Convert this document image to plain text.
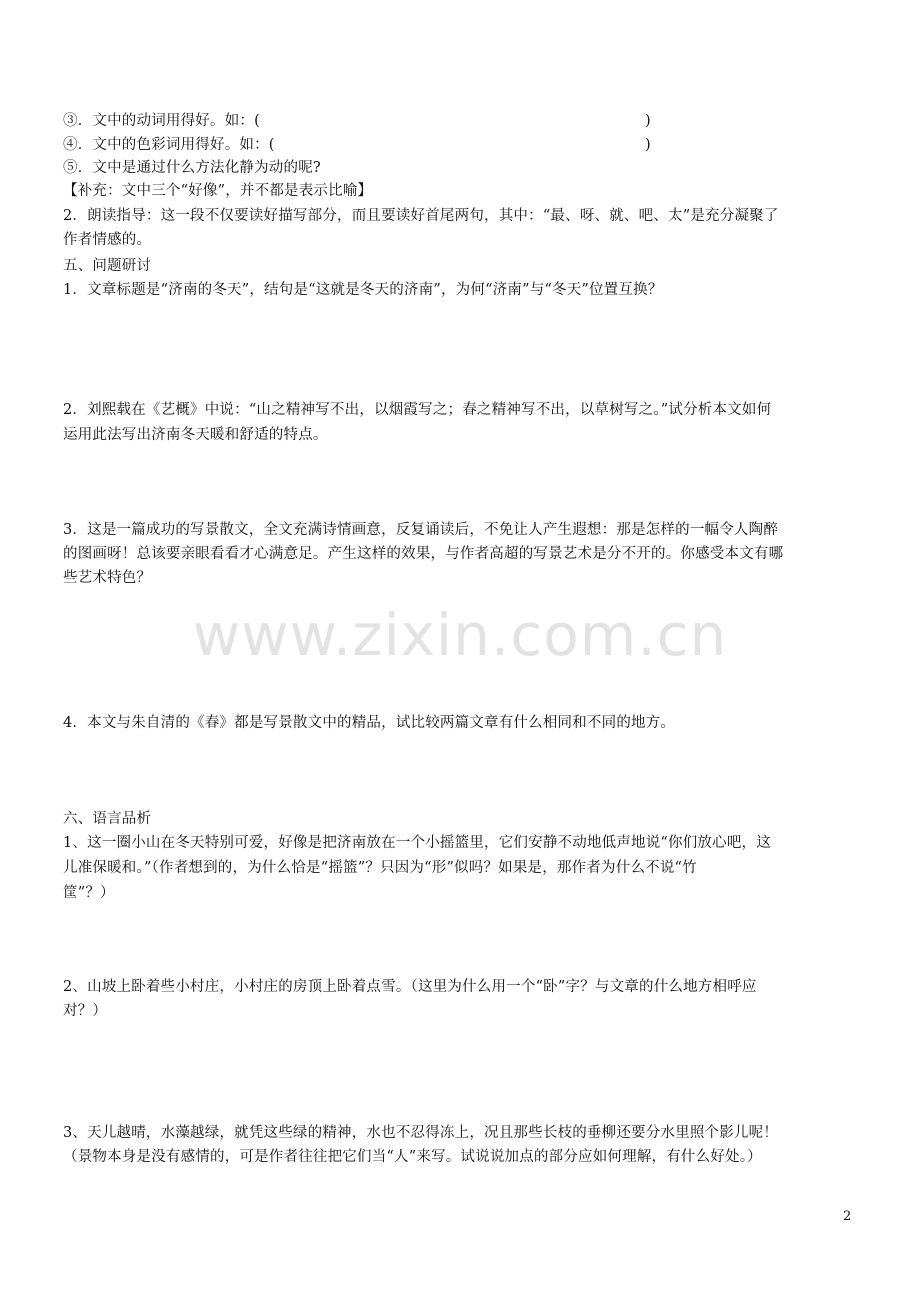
③．文中的动词用得好。如：(	)
④．文中的色彩词用得好。如：(	)
⑤．文中是通过什么方法化静为动的呢?
【补充：文中三个“好像”，并不都是表示比喻】
2．朗读指导：这一段不仅要读好描写部分，而且要读好首尾两句，其中：“最、呀、就、吧、太”是充分凝聚了
作者情感的。
五、问题研讨
1．文章标题是“济南的冬天”，结句是“这就是冬天的济南”，为何“济南”与“冬天”位置互换？
2．刘熙载在《艺概》中说：“山之精神写不出，以烟霞写之；春之精神写不出，以草树写之。”试分析本文如何
运用此法写出济南冬天暖和舒适的特点。
3．这是一篇成功的写景散文，全文充满诗情画意，反复诵读后，不免让人产生遐想：那是怎样的一幅令人陶醉
的图画呀！总该要亲眼看看才心满意足。产生这样的效果，与作者高超的写景艺术是分不开的。你感受本文有哪
些艺术特色？
4．本文与朱自清的《春》都是写景散文中的精品，试比较两篇文章有什么相同和不同的地方。
六、语言品析
1、这一圈小山在冬天特别可爱，好像是把济南放在一个小摇篮里，它们安静不动地低声地说“你们放心吧，这
儿准保暖和。”（作者想到的，为什么恰是“摇篮”？只因为“形”似吗？如果是，那作者为什么不说“竹
筐”？）
2、山坡上卧着些小村庄，小村庄的房顶上卧着点雪。（这里为什么用一个“卧”字？与文章的什么地方相呼应
对？）
3、天儿越晴，水藻越绿，就凭这些绿的精神，水也不忍得冻上，况且那些长枝的垂柳还要分水里照个影儿呢！
（景物本身是没有感情的，可是作者往往把它们当“人”来写。试说说加点的部分应如何理解，有什么好处。）
www.zixin.com.cn
2
